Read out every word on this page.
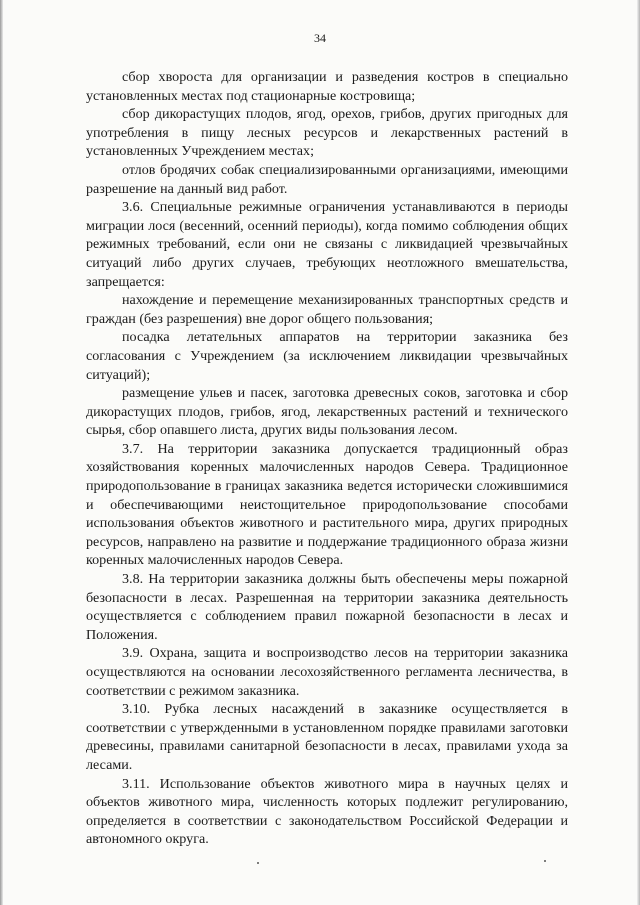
34

сбор хвороста для организации и разведения костров в специально установленных местах под стационарные костровища;

сбор дикорастущих плодов, ягод, орехов, грибов, других пригодных для употребления в пищу лесных ресурсов и лекарственных растений в установленных Учреждением местах;

отлов бродячих собак специализированными организациями, имеющими разрешение на данный вид работ.

3.6. Специальные режимные ограничения устанавливаются в периоды миграции лося (весенний, осенний периоды), когда помимо соблюдения общих режимных требований, если они не связаны с ликвидацией чрезвычайных ситуаций либо других случаев, требующих неотложного вмешательства, запрещается:

нахождение и перемещение механизированных транспортных средств и граждан (без разрешения) вне дорог общего пользования;

посадка летательных аппаратов на территории заказника без согласования с Учреждением (за исключением ликвидации чрезвычайных ситуаций);

размещение ульев и пасек, заготовка древесных соков, заготовка и сбор дикорастущих плодов, грибов, ягод, лекарственных растений и технического сырья, сбор опавшего листа, других виды пользования лесом.

3.7. На территории заказника допускается традиционный образ хозяйствования коренных малочисленных народов Севера. Традиционное природопользование в границах заказника ведется исторически сложившимися и обеспечивающими неистощительное природопользование способами использования объектов животного и растительного мира, других природных ресурсов, направлено на развитие и поддержание традиционного образа жизни коренных малочисленных народов Севера.

3.8. На территории заказника должны быть обеспечены меры пожарной безопасности в лесах. Разрешенная на территории заказника деятельность осуществляется с соблюдением правил пожарной безопасности в лесах и Положения.

3.9. Охрана, защита и воспроизводство лесов на территории заказника осуществляются на основании лесохозяйственного регламента лесничества, в соответствии с режимом заказника.

3.10. Рубка лесных насаждений в заказнике осуществляется в соответствии с утвержденными в установленном порядке правилами заготовки древесины, правилами санитарной безопасности в лесах, правилами ухода за лесами.

3.11. Использование объектов животного мира в научных целях и объектов животного мира, численность которых подлежит регулированию, определяется в соответствии с законодательством Российской Федерации и автономного округа.
